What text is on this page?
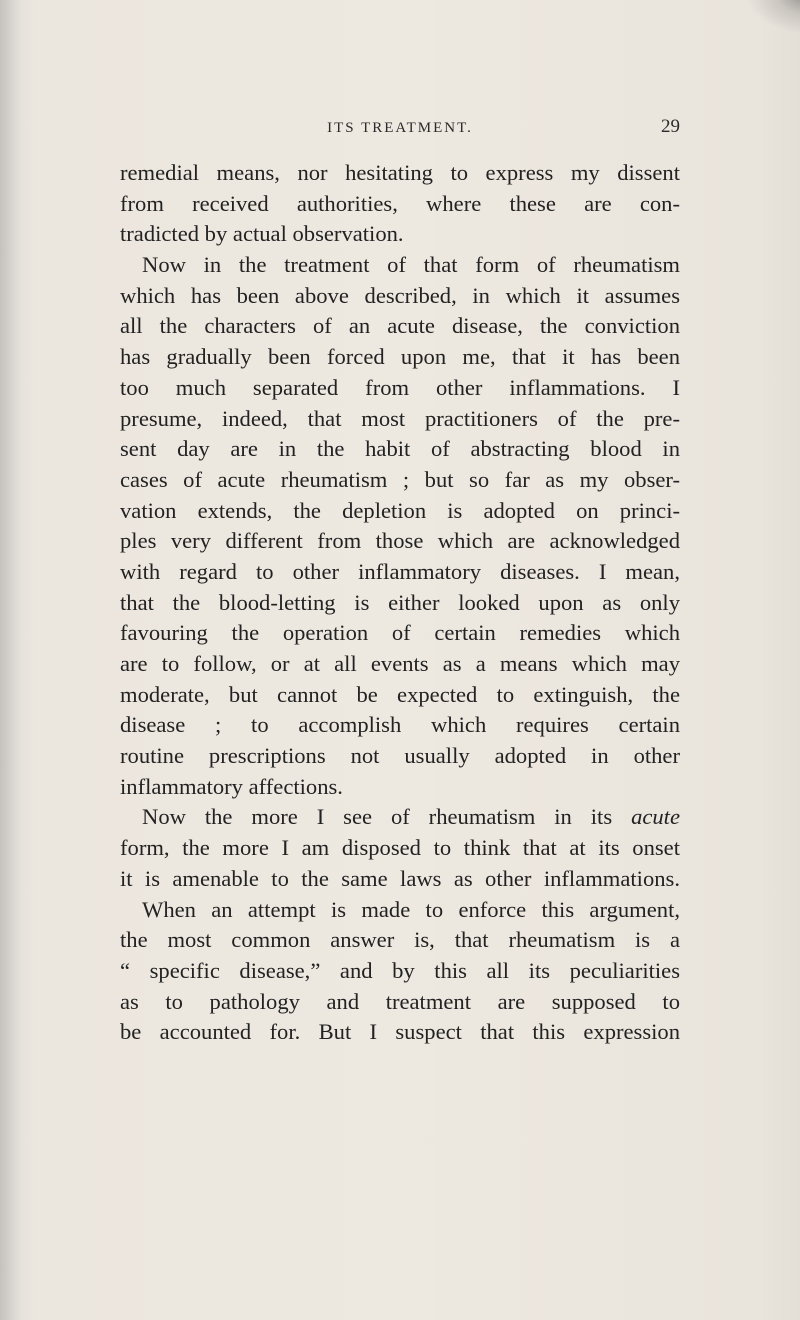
ITS TREATMENT.	29
remedial means, nor hesitating to express my dissent
from received authorities, where these are con-
tradicted by actual observation.
Now in the treatment of that form of rheumatism
which has been above described, in which it assumes
all the characters of an acute disease, the conviction
has gradually been forced upon me, that it has been
too much separated from other inflammations. I
presume, indeed, that most practitioners of the pre-
sent day are in the habit of abstracting blood in
cases of acute rheumatism ; but so far as my obser-
vation extends, the depletion is adopted on princi-
ples very different from those which are acknowledged
with regard to other inflammatory diseases. I mean,
that the blood-letting is either looked upon as only
favouring the operation of certain remedies which
are to follow, or at all events as a means which may
moderate, but cannot be expected to extinguish, the
disease ; to accomplish which requires certain
routine prescriptions not usually adopted in other
inflammatory affections.
Now the more I see of rheumatism in its acute
form, the more I am disposed to think that at its onset
it is amenable to the same laws as other inflammations.
When an attempt is made to enforce this argument,
the most common answer is, that rheumatism is a
“ specific disease,” and by this all its peculiarities
as to pathology and treatment are supposed to
be accounted for. But I suspect that this expression
